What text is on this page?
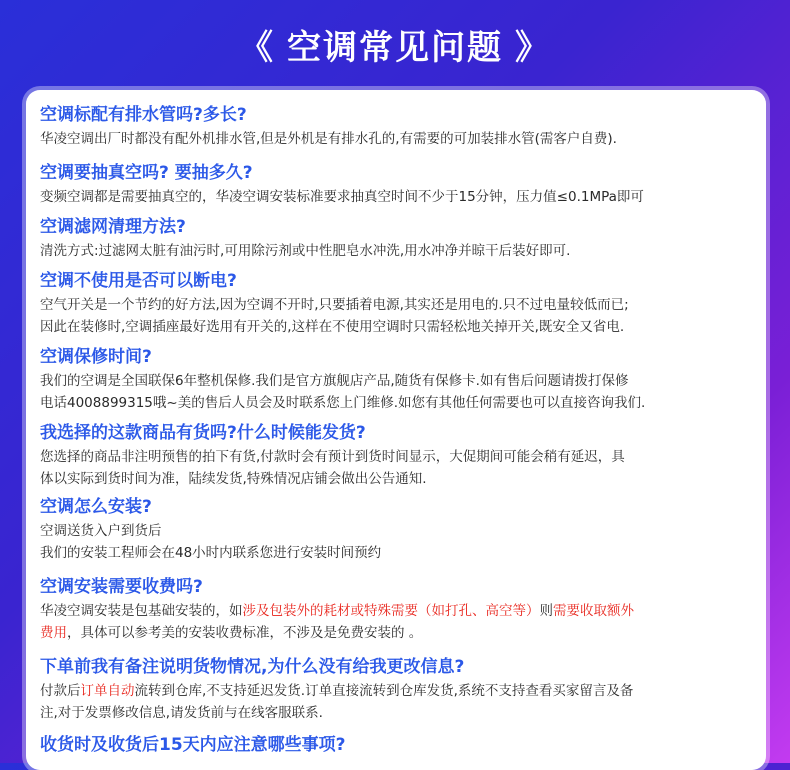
《 空调常见问题 》
空调标配有排水管吗?多长?
华凌空调出厂时都没有配外机排水管,但是外机是有排水孔的,有需要的可加装排水管(需客户自费).
空调要抽真空吗? 要抽多久?
变频空调都是需要抽真空的，华凌空调安装标准要求抽真空时间不少于15分钟，压力值≤0.1MPa即可
空调滤网清理方法?
清洗方式:过滤网太脏有油污时,可用除污剂或中性肥皂水冲洗,用水冲净并晾干后装好即可.
空调不使用是否可以断电?
空气开关是一个节约的好方法,因为空调不开时,只要插着电源,其实还是用电的.只不过电量较低而已;
因此在装修时,空调插座最好选用有开关的,这样在不使用空调时只需轻松地关掉开关,既安全又省电.
空调保修时间?
我们的空调是全国联保6年整机保修.我们是官方旗舰店产品,随货有保修卡.如有售后问题请拨打保修
电话4008899315哦~美的售后人员会及时联系您上门维修.如您有其他任何需要也可以直接咨询我们.
我选择的这款商品有货吗?什么时候能发货?
您选择的商品非注明预售的拍下有货,付款时会有预计到货时间显示，大促期间可能会稍有延迟，具
体以实际到货时间为准，陆续发货,特殊情况店铺会做出公告通知.
空调怎么安装?
空调送货入户到货后
我们的安装工程师会在48小时内联系您进行安装时间预约
空调安装需要收费吗?
华凌空调安装是包基础安装的，如涉及包装外的耗材或特殊需要（如打孔、高空等）则需要收取额外
费用，具体可以参考美的安装收费标准，不涉及是免费安装的 。
下单前我有备注说明货物情况,为什么没有给我更改信息?
付款后订单自动流转到仓库,不支持延迟发货.订单直接流转到仓库发货,系统不支持查看买家留言及备
注,对于发票修改信息,请发货前与在线客服联系.
收货时及收货后15天内应注意哪些事项?
